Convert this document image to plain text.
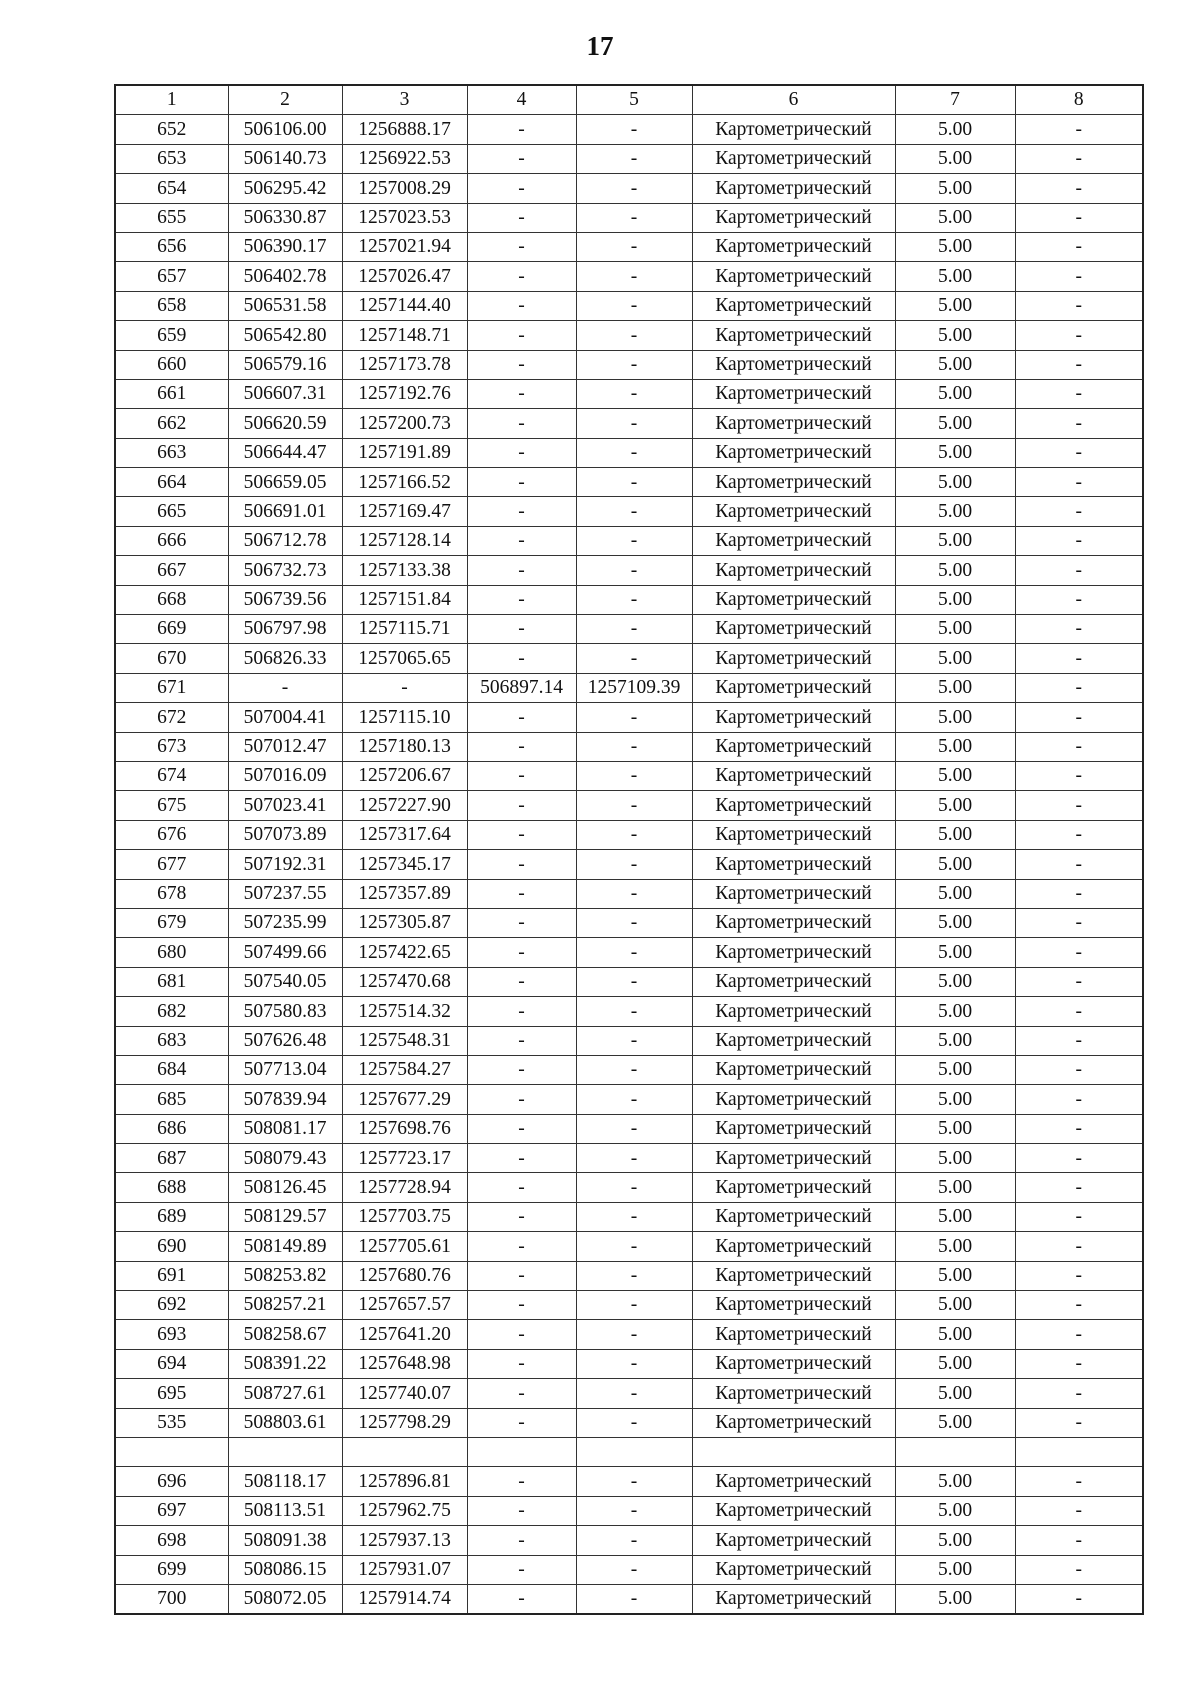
17
1	2	3	4	5	6	7	8
652	506106.00	1256888.17	-	-	Картометрический	5.00	-
653	506140.73	1256922.53	-	-	Картометрический	5.00	-
654	506295.42	1257008.29	-	-	Картометрический	5.00	-
655	506330.87	1257023.53	-	-	Картометрический	5.00	-
656	506390.17	1257021.94	-	-	Картометрический	5.00	-
657	506402.78	1257026.47	-	-	Картометрический	5.00	-
658	506531.58	1257144.40	-	-	Картометрический	5.00	-
659	506542.80	1257148.71	-	-	Картометрический	5.00	-
660	506579.16	1257173.78	-	-	Картометрический	5.00	-
661	506607.31	1257192.76	-	-	Картометрический	5.00	-
662	506620.59	1257200.73	-	-	Картометрический	5.00	-
663	506644.47	1257191.89	-	-	Картометрический	5.00	-
664	506659.05	1257166.52	-	-	Картометрический	5.00	-
665	506691.01	1257169.47	-	-	Картометрический	5.00	-
666	506712.78	1257128.14	-	-	Картометрический	5.00	-
667	506732.73	1257133.38	-	-	Картометрический	5.00	-
668	506739.56	1257151.84	-	-	Картометрический	5.00	-
669	506797.98	1257115.71	-	-	Картометрический	5.00	-
670	506826.33	1257065.65	-	-	Картометрический	5.00	-
671	-	-	506897.14	1257109.39	Картометрический	5.00	-
672	507004.41	1257115.10	-	-	Картометрический	5.00	-
673	507012.47	1257180.13	-	-	Картометрический	5.00	-
674	507016.09	1257206.67	-	-	Картометрический	5.00	-
675	507023.41	1257227.90	-	-	Картометрический	5.00	-
676	507073.89	1257317.64	-	-	Картометрический	5.00	-
677	507192.31	1257345.17	-	-	Картометрический	5.00	-
678	507237.55	1257357.89	-	-	Картометрический	5.00	-
679	507235.99	1257305.87	-	-	Картометрический	5.00	-
680	507499.66	1257422.65	-	-	Картометрический	5.00	-
681	507540.05	1257470.68	-	-	Картометрический	5.00	-
682	507580.83	1257514.32	-	-	Картометрический	5.00	-
683	507626.48	1257548.31	-	-	Картометрический	5.00	-
684	507713.04	1257584.27	-	-	Картометрический	5.00	-
685	507839.94	1257677.29	-	-	Картометрический	5.00	-
686	508081.17	1257698.76	-	-	Картометрический	5.00	-
687	508079.43	1257723.17	-	-	Картометрический	5.00	-
688	508126.45	1257728.94	-	-	Картометрический	5.00	-
689	508129.57	1257703.75	-	-	Картометрический	5.00	-
690	508149.89	1257705.61	-	-	Картометрический	5.00	-
691	508253.82	1257680.76	-	-	Картометрический	5.00	-
692	508257.21	1257657.57	-	-	Картометрический	5.00	-
693	508258.67	1257641.20	-	-	Картометрический	5.00	-
694	508391.22	1257648.98	-	-	Картометрический	5.00	-
695	508727.61	1257740.07	-	-	Картометрический	5.00	-
535	508803.61	1257798.29	-	-	Картометрический	5.00	-

696	508118.17	1257896.81	-	-	Картометрический	5.00	-
697	508113.51	1257962.75	-	-	Картометрический	5.00	-
698	508091.38	1257937.13	-	-	Картометрический	5.00	-
699	508086.15	1257931.07	-	-	Картометрический	5.00	-
700	508072.05	1257914.74	-	-	Картометрический	5.00	-
